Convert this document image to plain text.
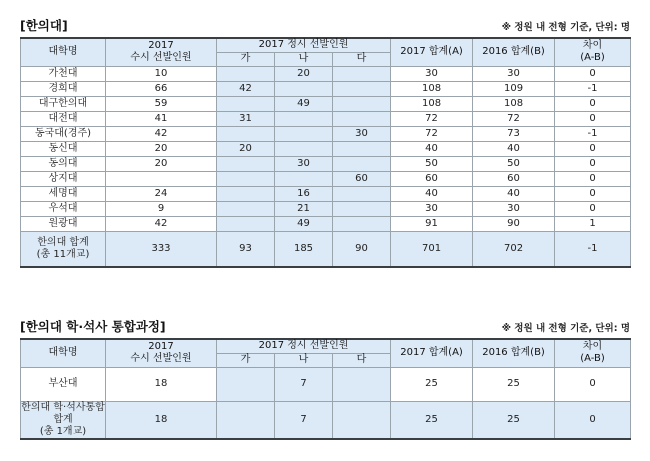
[한의대]	※ 정원 내 전형 기준, 단위: 명
대학명	2017
수시 선발인원	2017 정시 선발인원			2017 합계(A)	2016 합계(B)	차이
(A-B)

		가	나	다			
가천대	10		20		30	30	0
경희대	66	42			108	109	-1
대구한의대	59		49		108	108	0
대전대	41	31			72	72	0
동국대(경주)	42			30	72	73	-1
동신대	20	20			40	40	0
동의대	20		30		50	50	0
상지대				60	60	60	0
세명대	24		16		40	40	0
우석대	9		21		30	30	0
원광대	42		49		91	90	1

한의대 합계
(총 11개교)	333	93	185	90	701	702	-1
[한의대 학·석사 통합과정]	※ 정원 내 전형 기준, 단위: 명
대학명	2017
수시 선발인원	2017 정시 선발인원			2017 합계(A)	2016 합계(B)	차이
(A-B)

		가	나	다			
부산대	18		7		25	25	0

한의대 학·석사통합 합계
(총 1개교)	18		7		25	25	0
